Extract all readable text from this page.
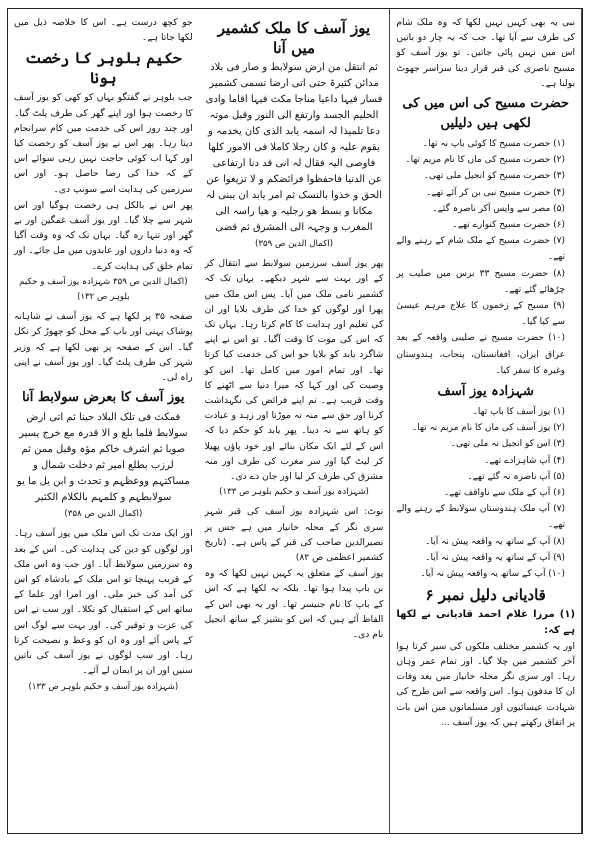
جو کچھ درست ہے۔ اس کا خلاصہ ذیل میں لکھا جاتا ہے۔

حکیم بلوہر کا رخصت ہونا

جب بلوہر نے گفتگو بہاں کو کھی کو یوز آسف کا رخصت ہوا اور اپنے گھر کی طرف پلٹ گیا۔ اور چند روز اس کی خدمت میں کام سرانجام دیتا رہا۔ پھر اس نے یوز آسف کو رخصت کیا اور کہا اب کوئی حاجت نہیں رہی سوائے اس کے کہ خدا کی رضا حاصل ہو۔ اور اس سرزمین کی ہدایت اسے سونپ دی۔

پھر اس نے بالکل ہی رخصت ہوگیا اور اس شہر سے چلا گیا۔ اور یوز آسف غمگین اور بے گھر اور تنہا رہ گیا۔ یہاں تک کہ وہ وقت آگیا کہ وہ دنیا داروں اور عابدوں میں مل جائے۔ اور تمام خلق کی ہدایت کرے۔

(اکمال الدین ص ۳۵۹ شہزادہ یوز آسف و حکیم بلوہر ص ۱۳۲)

صفحہ ۳۵ پر لکھا ہے کہ یوز آسف نے شاہانہ پوشاک پہنی اور باپ کے محل کو چھوڑ کر نکل گیا۔ اس کے صفحہ پر بھی لکھا ہے کہ وزیر شہر کی طرف پلٹ گیا۔ اور یوز آسف نے اپنی راہ لی۔

یوز آسف کا بعرض سولابط آنا
فمکث فی تلک البلاد حینا ثم اتی ارض سولابط فلما بلغ و الا قدرہ مع خرج یسیر صوبا ثم اشرف خاکم مؤہ وقبل ممن ثم لرزب بطلع امیر ثم دخلت شمال و مساکتہم ووعظہم و تحدث و ابن یل ما یو سولابطہم و کلمہم بالکلام الکثیر
(اکمال الدین ص ۳۵۸)

اور ایک مدت تک اس ملک میں یوز آسف رہا۔ اور لوگوں کو دین کی ہدایت کی۔ اس کے بعد وہ سرزمین سولابط آیا۔ اور جب وہ اس ملک کے قریب پہنچا تو اس ملک کے بادشاہ کو اس کی آمد کی خبر ملی۔ اور امرا اور علما کے ساتھ اس کے استقبال کو نکلا۔ اور سب نے اس کی عزت و توقیر کی۔ اور بہت سے لوگ اس کے پاس آئے اور وہ ان کو وعظ و نصیحت کرتا رہا۔ اور سب لوگوں نے یوز آسف کی باتیں سنیں اور ان پر ایمان لے آئے۔

(شہزادہ یوز آسف و حکیم بلوہر ص ۱۳۳)
یوز آسف کا ملک کشمیر میں آنا
ثم انتقل من ارض سولابط و صار فی بلاد مدائن کثیرۃ حتی اتی ارضا تسمی کشمیر فسار فیہا داعیا مناجا مکث فیہا اقاما وادی الحلیم الجسد وارتفع الی النور وقبل موتہ دعا تلمیذا لہ اسمہ یابد الذی کان یخدمہ و یقوم علیہ و کان رجلا کاملا فی الامور کلھا فاوصی الیہ فقال لہ انی قد دنا ارتفاعی عن الدنیا فاحفظوا فرائضکم و لا تزیغوا عن الحق و خذوا بالنسک ثم امر یابد ان یبنی لہ مکانا و بسط ھو رجلیہ و هیا راسہ الی المغرب و وجہہ الی المشرق ثم قضی
(اکمال الدین ص ۳۵۹)

پھر یوز آسف سرزمین سولابط سے انتقال کر کے اور بہت سے شہر دیکھے۔ یہاں تک کہ کشمیر نامی ملک میں آیا۔ پس اس ملک میں پھرا اور لوگوں کو خدا کی طرف بلایا اور ان کی تعلیم اور ہدایت کا کام کرتا رہا۔ یہاں تک کہ اس کی موت کا وقت آگیا۔ تو اس نے اپنے شاگرد یابد کو بلایا جو اس کی خدمت کیا کرتا تھا۔ اور تمام امور میں کامل تھا۔ اس کو وصیت کی اور کہا کہ میرا دنیا سے اٹھنے کا وقت قریب ہے۔ تم اپنے فرائض کی نگہداشت کرنا اور حق سے منہ نہ موڑنا اور زہد و عبادت کو ہاتھ سے نہ دینا۔ پھر یابد کو حکم دیا کہ اس کے لئے ایک مکان بنائے اور خود پاؤں پھیلا کر لیٹ گیا اور سر مغرب کی طرف اور منہ مشرق کی طرف کر لیا اور جان دے دی۔

(شہزادہ یوز آسف و حکیم بلوہر ص ۱۳۳)

نوٹ: اس شہزادہ یوز آسف کی قبر شہر سری نگر کے محلہ خانیار میں ہے جس پر نصیرالدین صاحب کی قبر کے پاس ہے۔ (تاریخ کشمیر اعظمی ص ۸۲)

یوز آسف کے متعلق یہ کہیں نہیں لکھا کہ وہ بن باپ پیدا ہوا تھا۔ بلکہ یہ لکھا ہے کہ اس کے باپ کا نام جنیسر تھا۔ اور یہ بھی اس کے الفاظ آئے ہیں کہ اس کو بشیر کے ساتھ انجیل نام دی۔

نبی یہ بھی کہیں نہیں لکھا کہ وہ ملک شام کی طرف سے آیا تھا۔ جب کہ یہ چار دو باتیں اس میں نہیں پائی جاتیں۔ تو یوز آسف کو مسیح ناصری کی قبر قرار دینا سراسر جھوٹ بولنا ہے۔

حضرت مسیح کی اس میں کی لکھی ہیں دلیلیں
(۱) حضرت مسیح کا کوئی باپ نہ تھا۔
(۲) حضرت مسیح کی ماں کا نام مریم تھا۔
(۳) حضرت مسیح کو انجیل ملی تھی۔
(۴) حضرت مسیح نبی بن کر آئے تھے۔
(۵) مصر سے واپس آکر ناصرہ گئے۔
(۶) حضرت مسیح کنوارے تھے۔
(۷) حضرت مسیح کے ملک شام کے رہنے والے تھے۔
(۸) حضرت مسیح ۳۳ برس میں صلیب پر چڑھائے گئے تھے۔
(۹) مسیح کے زخموں کا علاج مرہم عیسیٰ سے کیا گیا۔
(۱۰) حضرت مسیح نے صلیبی واقعہ کے بعد عراق ایران، افغانستان، پنجاب، ہندوستان وغیرہ کا سفر کیا۔
شہزادہ یوز آسف
(۱) یوز آسف کا باپ تھا۔
(۲) یوز آسف کی ماں کا نام مریم نہ تھا۔
(۳) اس کو انجیل نہ ملی تھی۔
(۴) آپ شاہزادے تھے۔
(۵) آپ ناصرہ نہ گئے تھے۔
(۶) آپ کے ملک سے ناواقف تھے۔
(۷) آپ ملک ہندوستان سولابط کے رہنے والے تھے۔
(۸) آپ کے ساتھ یہ واقعہ پیش نہ آیا۔
(۹) آپ کے ساتھ یہ واقعہ پیش نہ آیا۔
(۱۰) آپ کے ساتھ یہ واقعہ پیش نہ آیا۔
قادیانی دلیل نمبر ۶

(۱) مرزا غلام احمد قادیانی نے لکھا ہے کہ:

اور یہ کشمیر مختلف ملکوں کی سیر کرتا ہوا آخر کشمیر میں چلا گیا۔ اور تمام عمر وہاں رہا۔ اور سری نگر محلہ خانیار میں بعد وفات ان کا مدفون ہوا۔ اس واقعہ سے اس طرح کی شہادت عیسائیوں اور مسلمانوں میں اس بات پر اتفاق رکھتے ہیں کہ یوز آسف ...
